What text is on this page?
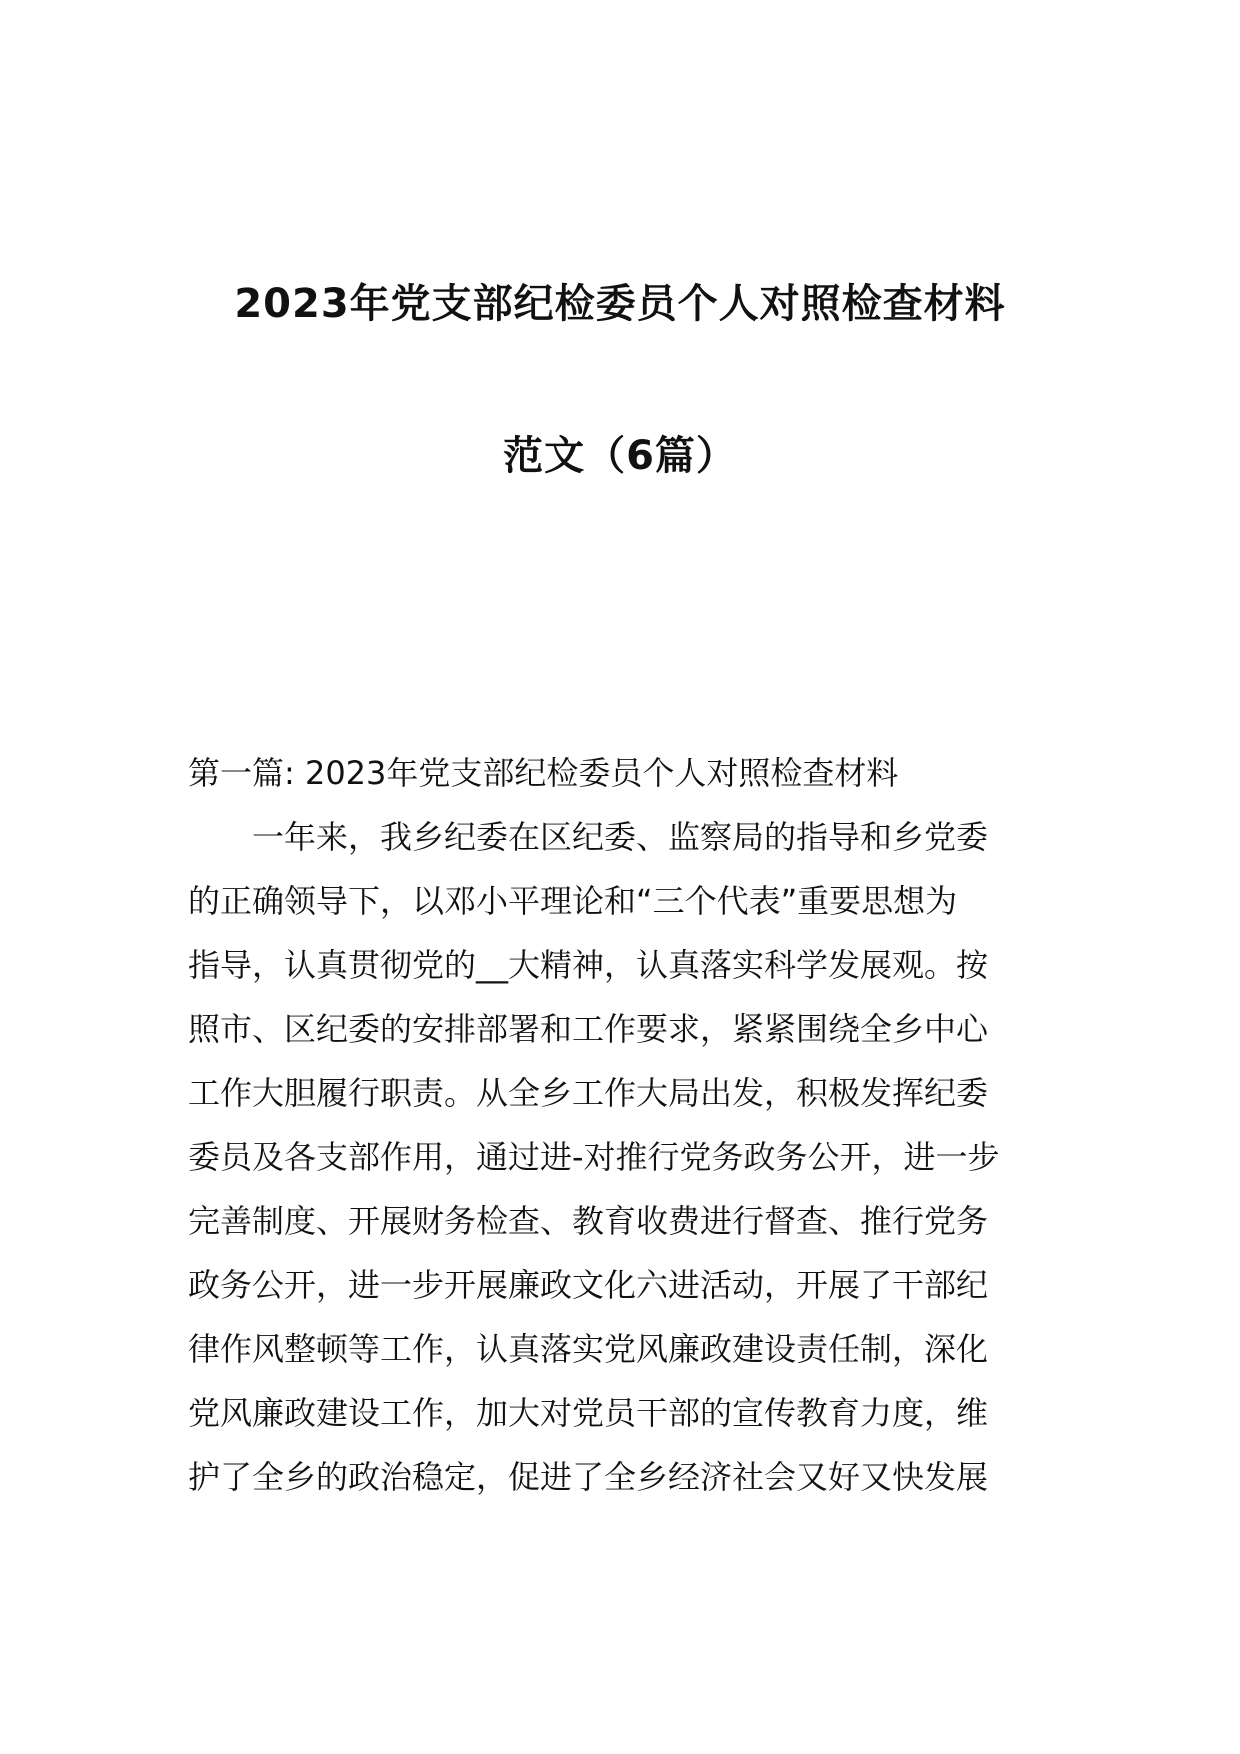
2023年党支部纪检委员个人对照检查材料
范文（6篇）
第一篇: 2023年党支部纪检委员个人对照检查材料
　　一年来，我乡纪委在区纪委、监察局的指导和乡党委
的正确领导下，以邓小平理论和“三个代表”重要思想为
指导，认真贯彻党的__大精神，认真落实科学发展观。按
照市、区纪委的安排部署和工作要求，紧紧围绕全乡中心
工作大胆履行职责。从全乡工作大局出发，积极发挥纪委
委员及各支部作用，通过进-对推行党务政务公开，进一步
完善制度、开展财务检查、教育收费进行督查、推行党务
政务公开，进一步开展廉政文化六进活动，开展了干部纪
律作风整顿等工作，认真落实党风廉政建设责任制，深化
党风廉政建设工作，加大对党员干部的宣传教育力度，维
护了全乡的政治稳定，促进了全乡经济社会又好又快发展
